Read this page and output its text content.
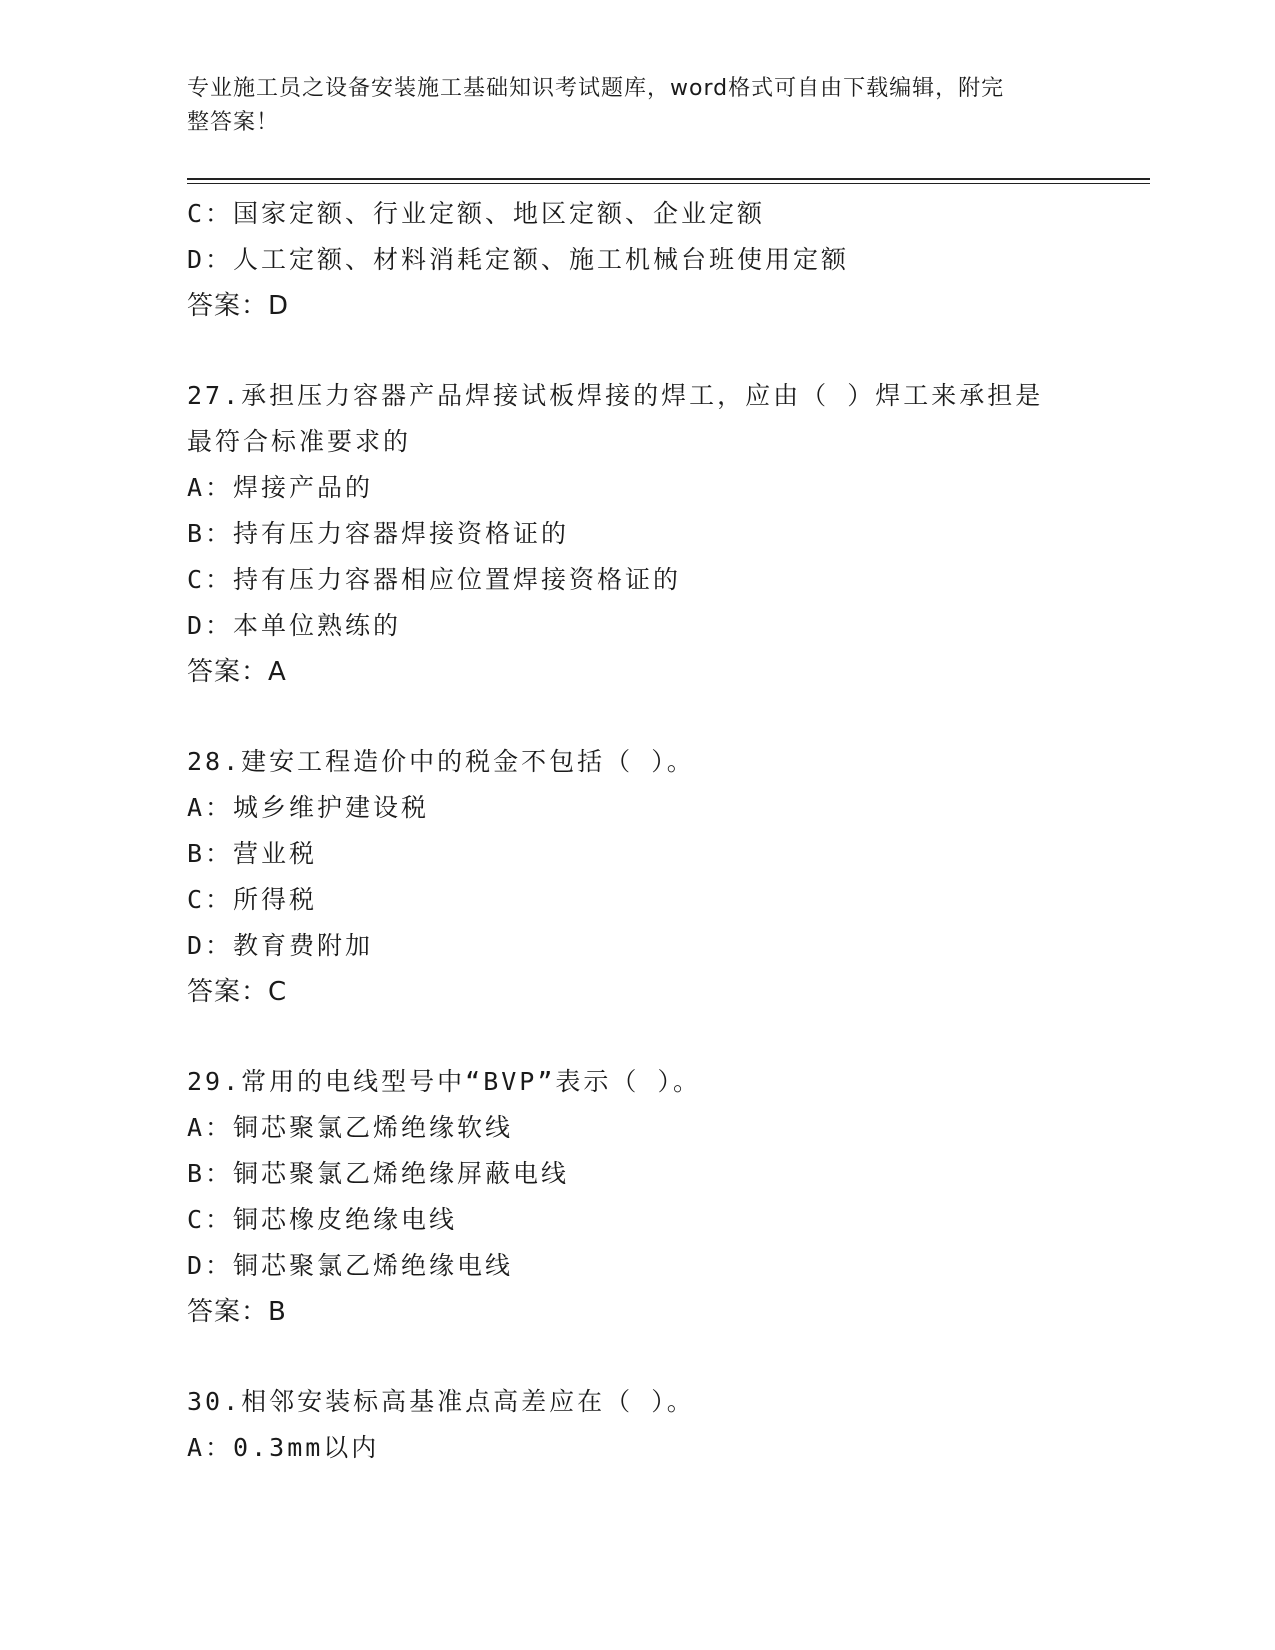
专业施工员之设备安装施工基础知识考试题库，word格式可自由下载编辑，附完
整答案！
C：国家定额、行业定额、地区定额、企业定额
D：人工定额、材料消耗定额、施工机械台班使用定额
答案：D
27.承担压力容器产品焊接试板焊接的焊工，应由（ ）焊工来承担是
最符合标准要求的
A：焊接产品的
B：持有压力容器焊接资格证的
C：持有压力容器相应位置焊接资格证的
D：本单位熟练的
答案：A
28.建安工程造价中的税金不包括（ ）。
A：城乡维护建设税
B：营业税
C：所得税
D：教育费附加
答案：C
29.常用的电线型号中“BVP”表示（ ）。
A：铜芯聚氯乙烯绝缘软线
B：铜芯聚氯乙烯绝缘屏蔽电线
C：铜芯橡皮绝缘电线
D：铜芯聚氯乙烯绝缘电线
答案：B
30.相邻安装标高基准点高差应在（ ）。
A：0.3mm以内
